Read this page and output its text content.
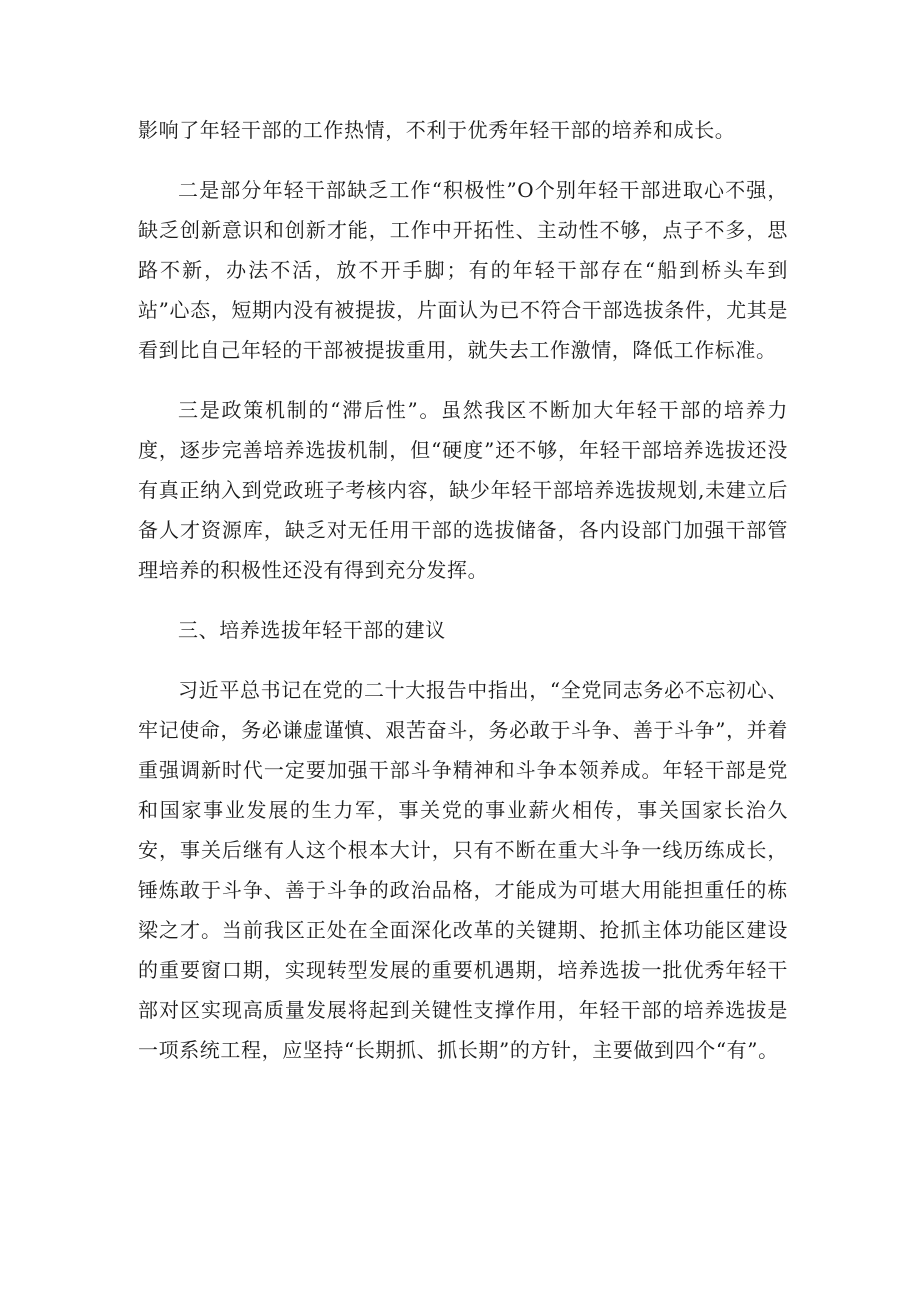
影响了年轻干部的工作热情，不利于优秀年轻干部的培养和成长。

二是部分年轻干部缺乏工作“积极性”O个别年轻干部进取心不强，缺乏创新意识和创新才能，工作中开拓性、主动性不够，点子不多，思路不新，办法不活，放不开手脚；有的年轻干部存在“船到桥头车到站”心态，短期内没有被提拔，片面认为已不符合干部选拔条件，尤其是看到比自己年轻的干部被提拔重用，就失去工作激情，降低工作标准。

三是政策机制的“滞后性”。虽然我区不断加大年轻干部的培养力度，逐步完善培养选拔机制，但“硬度”还不够，年轻干部培养选拔还没有真正纳入到党政班子考核内容，缺少年轻干部培养选拔规划,未建立后备人才资源库，缺乏对无任用干部的选拔储备，各内设部门加强干部管理培养的积极性还没有得到充分发挥。

三、培养选拔年轻干部的建议

习近平总书记在党的二十大报告中指出，“全党同志务必不忘初心、牢记使命，务必谦虚谨慎、艰苦奋斗，务必敢于斗争、善于斗争”，并着重强调新时代一定要加强干部斗争精神和斗争本领养成。年轻干部是党和国家事业发展的生力军，事关党的事业薪火相传，事关国家长治久安，事关后继有人这个根本大计，只有不断在重大斗争一线历练成长，锤炼敢于斗争、善于斗争的政治品格，才能成为可堪大用能担重任的栋梁之才。当前我区正处在全面深化改革的关键期、抢抓主体功能区建设的重要窗口期，实现转型发展的重要机遇期，培养选拔一批优秀年轻干部对区实现高质量发展将起到关键性支撑作用，年轻干部的培养选拔是一项系统工程，应坚持“长期抓、抓长期”的方针，主要做到四个“有”。
